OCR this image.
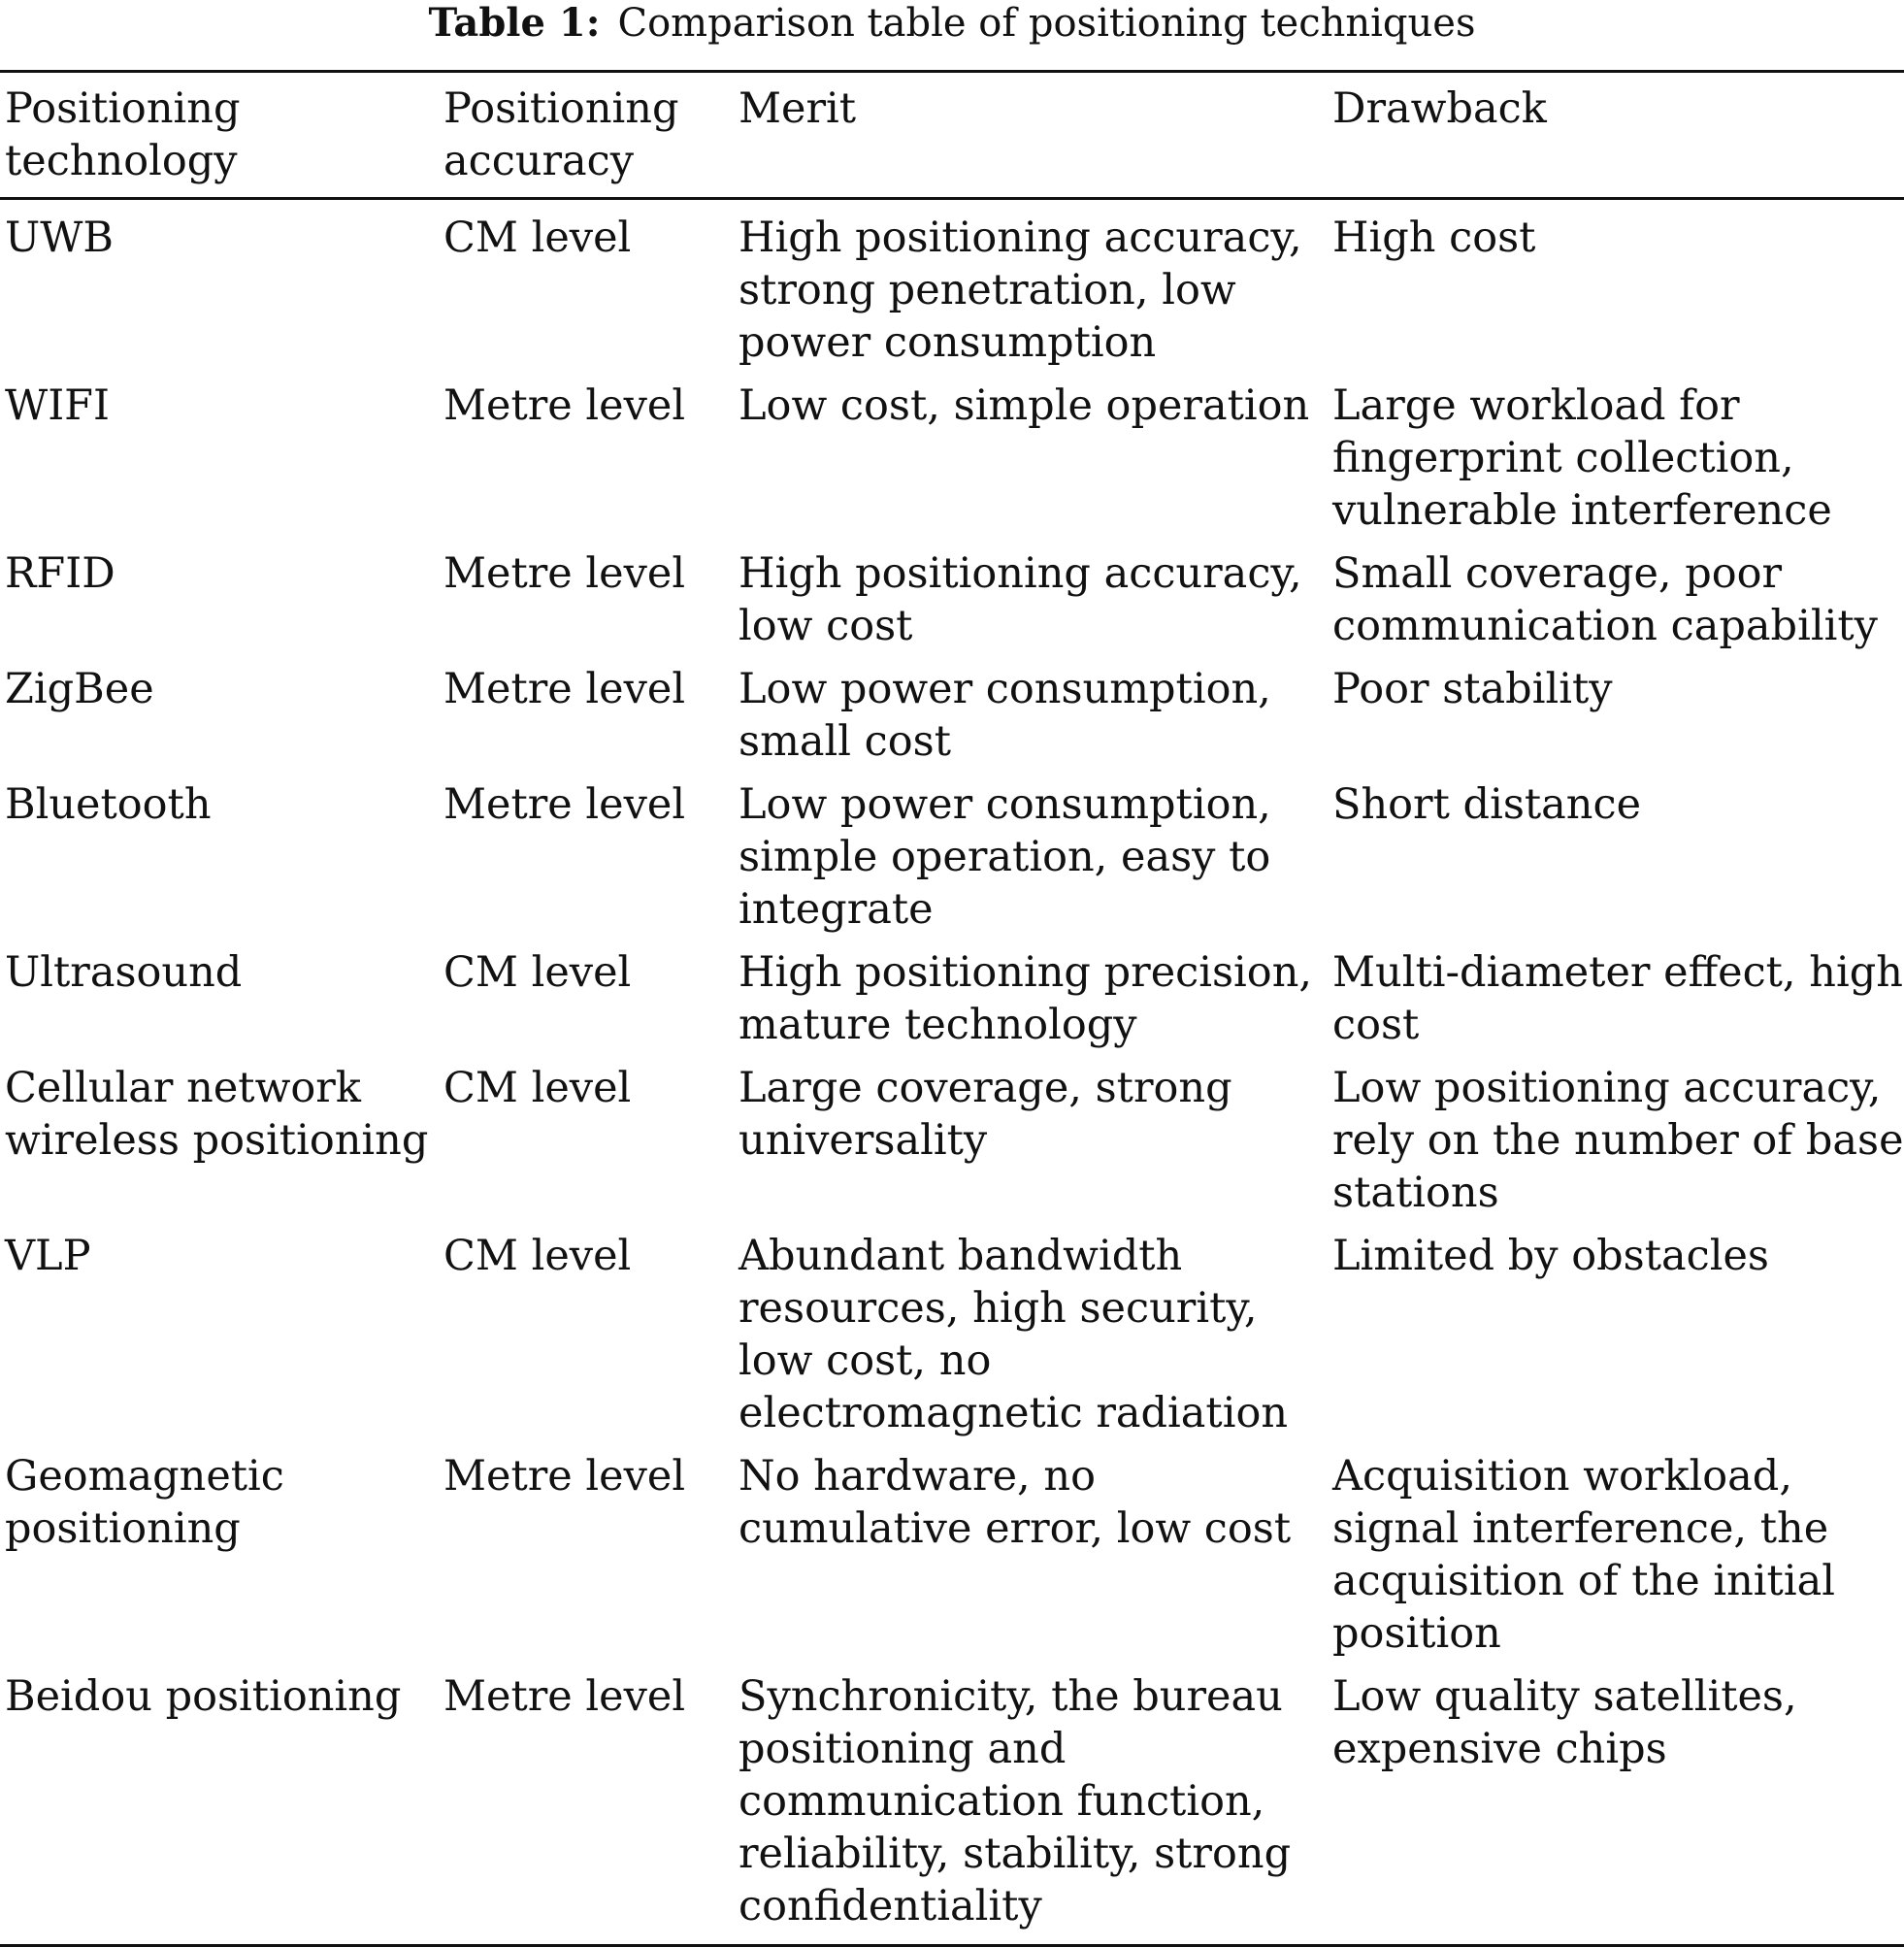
Table 1: Comparison table of positioning techniques
Positioning technology	Positioning accuracy	Merit	Drawback
UWB	CM level	High positioning accuracy, strong penetration, low power consumption	High cost
WIFI	Metre level	Low cost, simple operation	Large workload for fingerprint collection, vulnerable interference
RFID	Metre level	High positioning accuracy, low cost	Small coverage, poor communication capability
ZigBee	Metre level	Low power consumption, small cost	Poor stability
Bluetooth	Metre level	Low power consumption, simple operation, easy to integrate	Short distance
Ultrasound	CM level	High positioning precision, mature technology	Multi-diameter effect, high cost
Cellular network wireless positioning	CM level	Large coverage, strong universality	Low positioning accuracy, rely on the number of base stations
VLP	CM level	Abundant bandwidth resources, high security, low cost, no electromagnetic radiation	Limited by obstacles
Geomagnetic positioning	Metre level	No hardware, no cumulative error, low cost	Acquisition workload, signal interference, the acquisition of the initial position
Beidou positioning	Metre level	Synchronicity, the bureau positioning and communication function, reliability, stability, strong confidentiality	Low quality satellites, expensive chips
